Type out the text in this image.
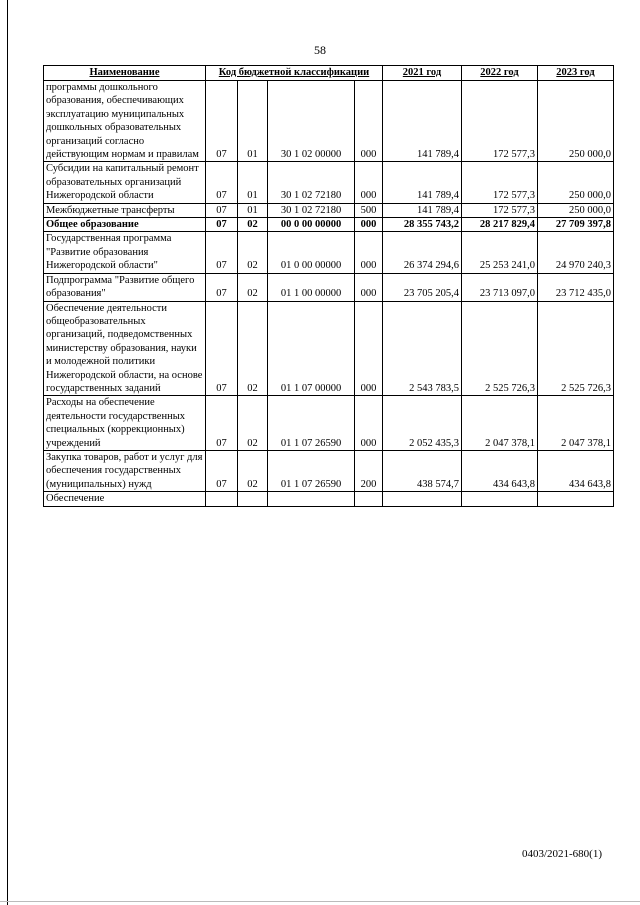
58
Наименование	Код бюджетной классификации				2021 год	2022 год	2023 год
программы дошкольного образования, обеспечивающих эксплуатацию муниципальных дошкольных образовательных организаций согласно действующим нормам и правилам	07	01	30 1 02 00000	000	141 789,4	172 577,3	250 000,0
Субсидии на капитальный ремонт образовательных организаций Нижегородской области	07	01	30 1 02 72180	000	141 789,4	172 577,3	250 000,0
Межбюджетные трансферты	07	01	30 1 02 72180	500	141 789,4	172 577,3	250 000,0
Общее образование	07	02	00 0 00 00000	000	28 355 743,2	28 217 829,4	27 709 397,8
Государственная программа "Развитие образования Нижегородской области"	07	02	01 0 00 00000	000	26 374 294,6	25 253 241,0	24 970 240,3
Подпрограмма "Развитие общего образования"	07	02	01 1 00 00000	000	23 705 205,4	23 713 097,0	23 712 435,0
Обеспечение деятельности общеобразовательных организаций, подведомственных министерству образования, науки и молодежной политики Нижегородской области, на основе государственных заданий	07	02	01 1 07 00000	000	2 543 783,5	2 525 726,3	2 525 726,3
Расходы на обеспечение деятельности государственных специальных (коррекционных) учреждений	07	02	01 1 07 26590	000	2 052 435,3	2 047 378,1	2 047 378,1
Закупка товаров, работ и услуг для обеспечения государственных (муниципальных) нужд	07	02	01 1 07 26590	200	438 574,7	434 643,8	434 643,8
Обеспечение							
0403/2021-680(1)
